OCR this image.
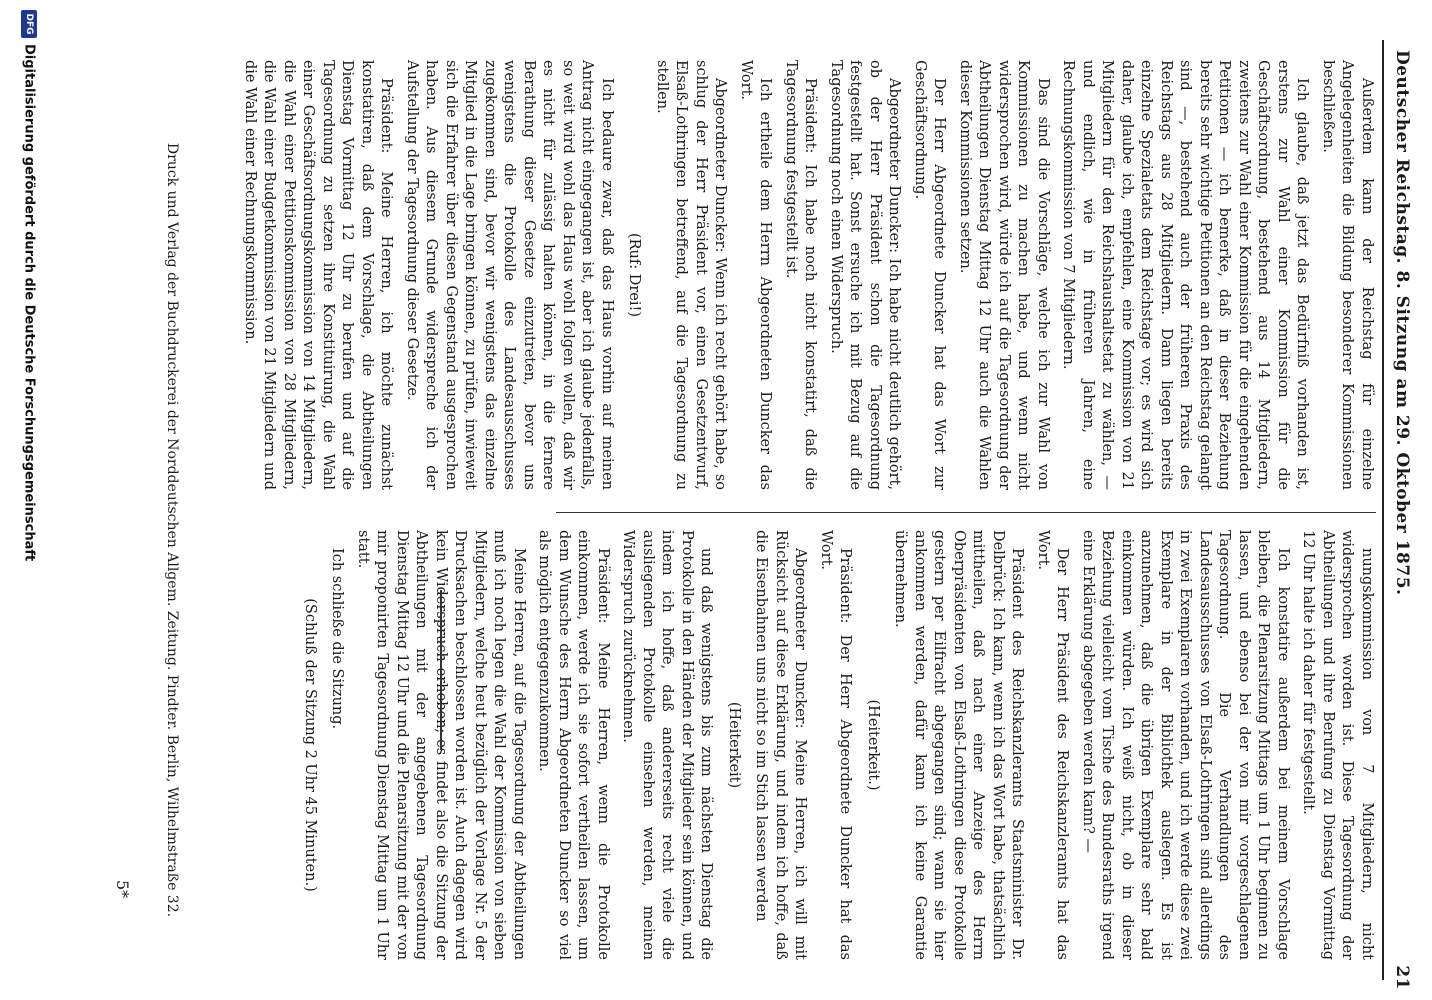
Deutscher Reichstag. 8. Sitzung am 29. Oktober 1875.
21

Außerdem kann der Reichstag für einzelne Angelegenheiten die Bildung besonderer Kommissionen beschließen.

Ich glaube, daß jetzt das Bedürfniß vorhanden ist, erstens zur Wahl einer Kommission für die Geschäftsordnung, bestehend aus 14 Mitgliedern, zweitens zur Wahl einer Kommission für die eingehenden Petitionen — ich bemerke, daß in dieser Beziehung bereits sehr wichtige Petitionen an den Reichstag gelangt sind —, bestehend auch der früheren Praxis des Reichstags aus 28 Mitgliedern. Dann liegen bereits einzelne Spezialetats dem Reichstage vor; es wird sich daher, glaube ich, empfehlen, eine Kommission von 21 Mitgliedern für den Reichshaushaltsetat zu wählen, — und endlich, wie in früheren Jahren, eine Rechnungskommission von 7 Mitgliedern.

Das sind die Vorschläge, welche ich zur Wahl von Kommissionen zu machen habe, und wenn nicht widersprochen wird, würde ich auf die Tagesordnung der Abtheilungen Dienstag Mittag 12 Uhr auch die Wahlen dieser Kommissionen setzen.

Der Herr Abgeordnete Duncker hat das Wort zur Geschäftsordnung.

Abgeordneter Duncker: Ich habe nicht deutlich gehört, ob der Herr Präsident schon die Tagesordnung festgestellt hat. Sonst ersuche ich mit Bezug auf die Tagesordnung noch einen Widerspruch.

Präsident: Ich habe noch nicht konstatirt, daß die Tagesordnung festgestellt ist.

Ich ertheile dem Herrn Abgeordneten Duncker das Wort.

Abgeordneter Duncker: Wenn ich recht gehört habe, so schlug der Herr Präsident vor, einen Gesetzentwurf, Elsaß-Lothringen betreffend, auf die Tagesordnung zu stellen.

(Ruf: Drei!)

Ich bedaure zwar, daß das Haus vorhin auf meinen Antrag nicht eingegangen ist, aber ich glaube jedenfalls, so weit wird wohl das Haus wohl folgen wollen, daß wir es nicht für zulässig halten können, in die fernere Berathung dieser Gesetze einzutreten, bevor uns wenigstens die Protokolle des Landesausschusses zugekommen sind, bevor wir wenigstens das einzelne Mitglied in die Lage bringen können, zu prüfen, inwieweit sich die Erfahrer über diesen Gegenstand ausgesprochen haben. Aus diesem Grunde widerspreche ich der Aufstellung der Tagesordnung dieser Gesetze.

Präsident: Meine Herren, ich möchte zunächst konstatiren, daß dem Vorschlage, die Abtheilungen Dienstag Vormittag 12 Uhr zu berufen und auf die Tagesordnung zu setzen ihre Konstituirung, die Wahl einer Geschäftsordnungskommission von 14 Mitgliedern, die Wahl einer Petitionskommission von 28 Mitgliedern, die Wahl einer Budgetkommission von 21 Mitgliedern und die Wahl einer Rechnungskommission.

nungskommission von 7 Mitgliedern, nicht widersprochen worden ist. Diese Tagesordnung der Abtheilungen und ihre Berufung zu Dienstag Vormittag 12 Uhr halte ich daher für festgestellt.

Ich konstatire außerdem bei meinem Vorschlage bleiben, die Plenarsitzung Mittags um 1 Uhr beginnen zu lassen, und ebenso bei der von mir vorgeschlagenen Tagesordnung. Die Verhandlungen des Landesausschusses von Elsaß-Lothringen sind allerdings in zwei Exemplaren vorhanden, und ich werde diese zwei Exemplare in der Bibliothek auslegen. Es ist anzunehmen, daß die übrigen Exemplare sehr bald einkommen würden. Ich weiß nicht, ob in dieser Beziehung vielleicht vom Tische des Bundesraths irgend eine Erklärung abgegeben werden kann? —

Der Herr Präsident des Reichskanzleramts hat das Wort.

Präsident des Reichskanzleramts Staatsminister Dr. Delbrück: Ich kann, wenn ich das Wort habe, thatsächlich mittheilen, daß nach einer Anzeige des Herrn Oberpräsidenten von Elsaß-Lothringen diese Protokolle gestern per Eilfracht abgegangen sind; wann sie hier ankommen werden, dafür kann ich keine Garantie übernehmen.

(Heiterkeit.)

Präsident: Der Herr Abgeordnete Duncker hat das Wort.

Abgeordneter Duncker: Meine Herren, ich will mit Rücksicht auf diese Erklärung, und indem ich hoffe, daß die Eisenbahnen uns nicht so im Stich lassen werden

(Heiterkeit)

und daß wenigstens bis zum nächsten Dienstag die Protokolle in den Händen der Mitglieder sein können, und indem ich hoffe, daß andererseits recht viele die ausliegenden Protokolle einsehen werden, meinen Widerspruch zurücknehmen.

Präsident: Meine Herren, wenn die Protokolle einkommen, werde ich sie sofort vertheilen lassen, um dem Wunsche des Herrn Abgeordneten Duncker so viel als möglich entgegenzukommen.

Meine Herren, auf die Tagesordnung der Abtheilungen muß ich noch legen die Wahl der Kommission von sieben Mitgliedern, welche heut bezüglich der Vorlage Nr. 5 der Drucksachen beschlossen worden ist. Auch dagegen wird kein Widerspruch erhoben; es findet also die Sitzung der Abtheilungen mit der angegebenen Tagesordnung Dienstag Mittag 12 Uhr und die Plenarsitzung mit der von mir proponirten Tagesordnung Dienstag Mittag um 1 Uhr statt.

Ich schließe die Sitzung.

(Schluß der Sitzung 2 Uhr 45 Minuten.)

Druck und Verlag der Buchdruckerei der Norddeutschen Allgem. Zeitung. Pindter. Berlin, Wilhelmstraße 32.
5*
DFGDigitalisierung gefördert durch die Deutsche Forschungsgemeinschaft
